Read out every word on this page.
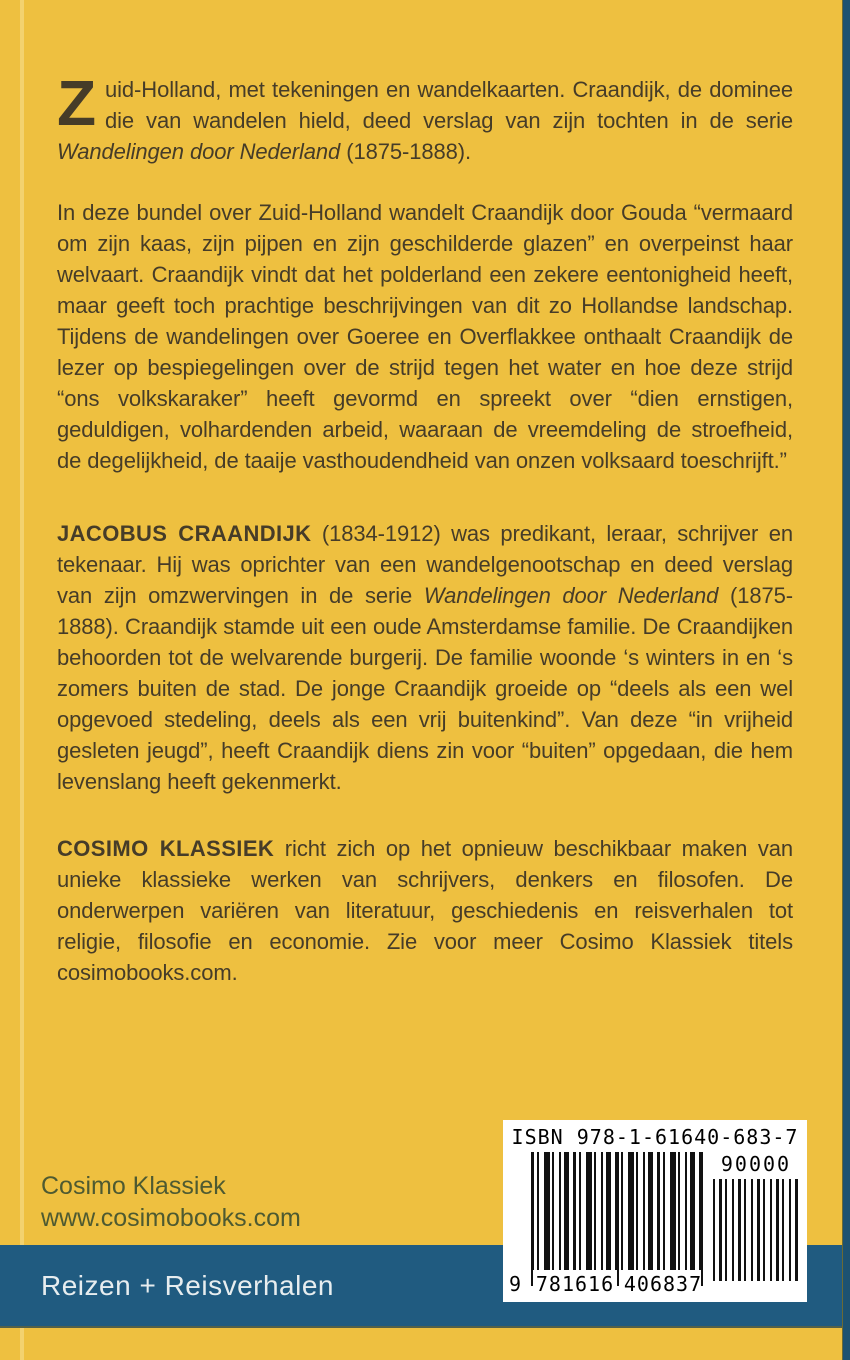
Zuid-Holland, met tekeningen en wandelkaarten. Craandijk, de dominee die van wandelen hield, deed verslag van zijn tochten in de serie Wandelingen door Nederland (1875-1888).

In deze bundel over Zuid-Holland wandelt Craandijk door Gouda “vermaard om zijn kaas, zijn pijpen en zijn geschilderde glazen” en overpeinst haar welvaart. Craandijk vindt dat het polderland een zekere eentonigheid heeft, maar geeft toch prachtige beschrijvingen van dit zo Hollandse landschap. Tijdens de wandelingen over Goeree en Overflakkee onthaalt Craandijk de lezer op bespiegelingen over de strijd tegen het water en hoe deze strijd “ons volkskaraker” heeft gevormd en spreekt over “dien ernstigen, geduldigen, volhardenden arbeid, waaraan de vreemdeling de stroefheid, de degelijkheid, de taaije vasthoudendheid van onzen volksaard toeschrijft.”

JACOBUS CRAANDIJK (1834-1912) was predikant, leraar, schrijver en tekenaar. Hij was oprichter van een wandelgenootschap en deed verslag van zijn omzwervingen in de serie Wandelingen door Nederland (1875-1888). Craandijk stamde uit een oude Amsterdamse familie. De Craandijken behoorden tot de welvarende burgerij. De familie woonde ‘s winters in en ‘s zomers buiten de stad. De jonge Craandijk groeide op “deels als een wel opgevoed stedeling, deels als een vrij buitenkind”. Van deze “in vrijheid gesleten jeugd”, heeft Craandijk diens zin voor “buiten” opgedaan, die hem levenslang heeft gekenmerkt.

COSIMO KLASSIEK richt zich op het opnieuw beschikbaar maken van unieke klassieke werken van schrijvers, denkers en filosofen. De onderwerpen variëren van literatuur, geschiedenis en reisverhalen tot religie, filosofie en economie. Zie voor meer Cosimo Klassiek titels cosimobooks.com.

Cosimo Klassiek
www.cosimobooks.com
Reizen + Reisverhalen
ISBN 978-1-61640-683-7
9 781616 406837
90000
